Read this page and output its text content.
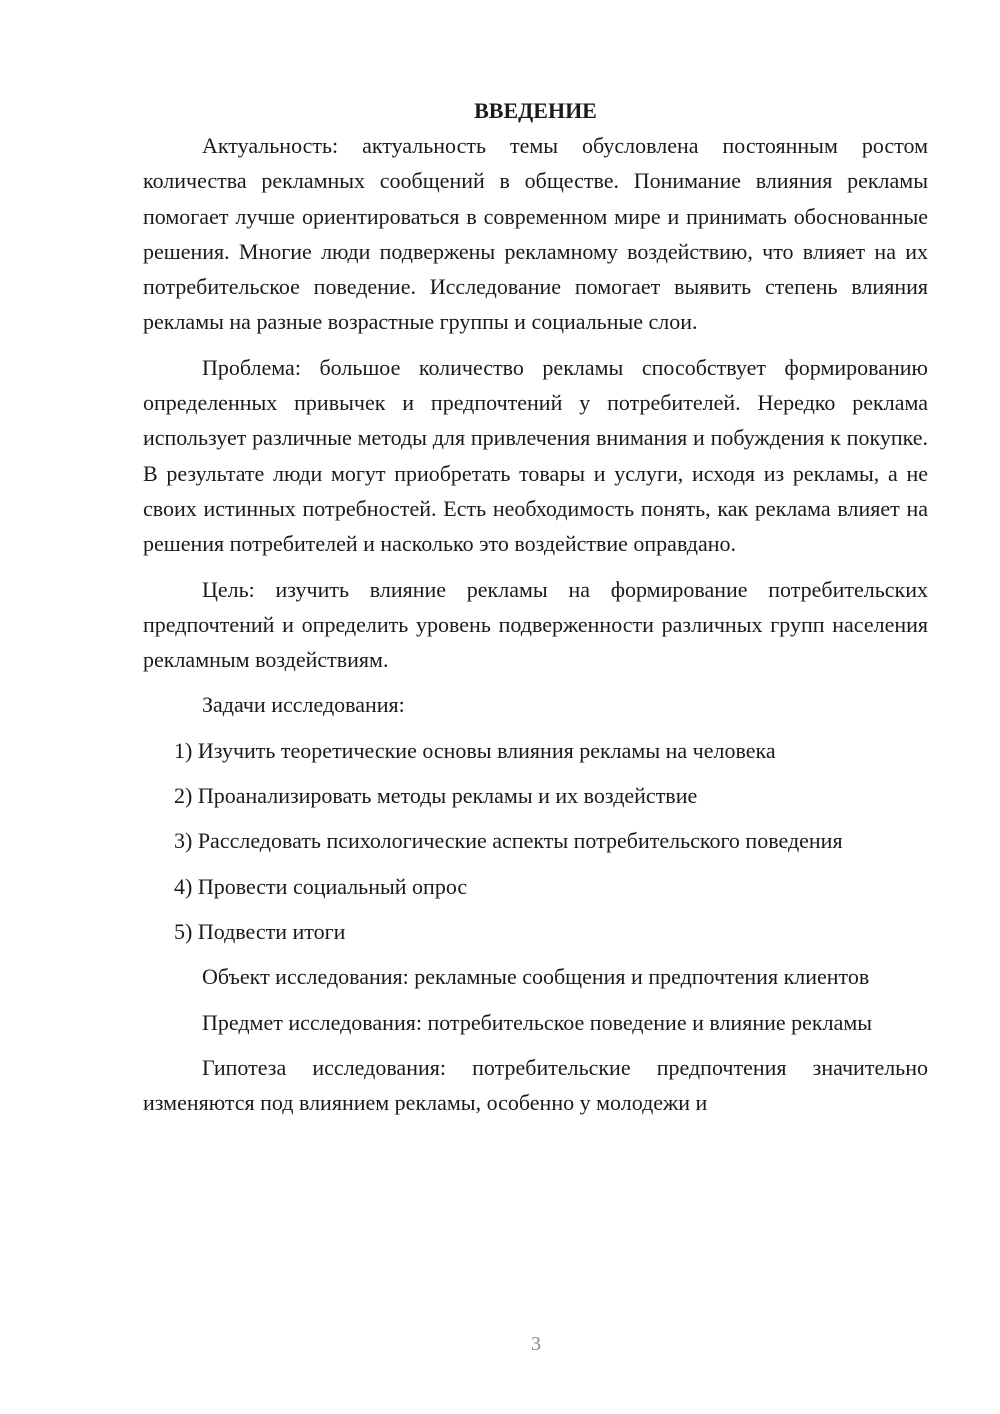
ВВЕДЕНИЕ

Актуальность: актуальность темы обусловлена постоянным ростом количества рекламных сообщений в обществе. Понимание влияния рекламы помогает лучше ориентироваться в современном мире и принимать обоснованные решения. Многие люди подвержены рекламному воздействию, что влияет на их потребительское поведение. Исследование помогает выявить степень влияния рекламы на разные возрастные группы и социальные слои.

Проблема: большое количество рекламы способствует формированию определенных привычек и предпочтений у потребителей. Нередко реклама использует различные методы для привлечения внимания и побуждения к покупке. В результате люди могут приобретать товары и услуги, исходя из рекламы, а не своих истинных потребностей. Есть необходимость понять, как реклама влияет на решения потребителей и насколько это воздействие оправдано.

Цель: изучить влияние рекламы на формирование потребительских предпочтений и определить уровень подверженности различных групп населения рекламным воздействиям.

Задачи исследования:

1) Изучить теоретические основы влияния рекламы на человека

2) Проанализировать методы рекламы и их воздействие

3) Расследовать психологические аспекты потребительского поведения

4) Провести социальный опрос

5) Подвести итоги

Объект исследования: рекламные сообщения и предпочтения клиентов

Предмет исследования: потребительское поведение и влияние рекламы

Гипотеза исследования: потребительские предпочтения значительно изменяются под влиянием рекламы, особенно у молодежи и

3
